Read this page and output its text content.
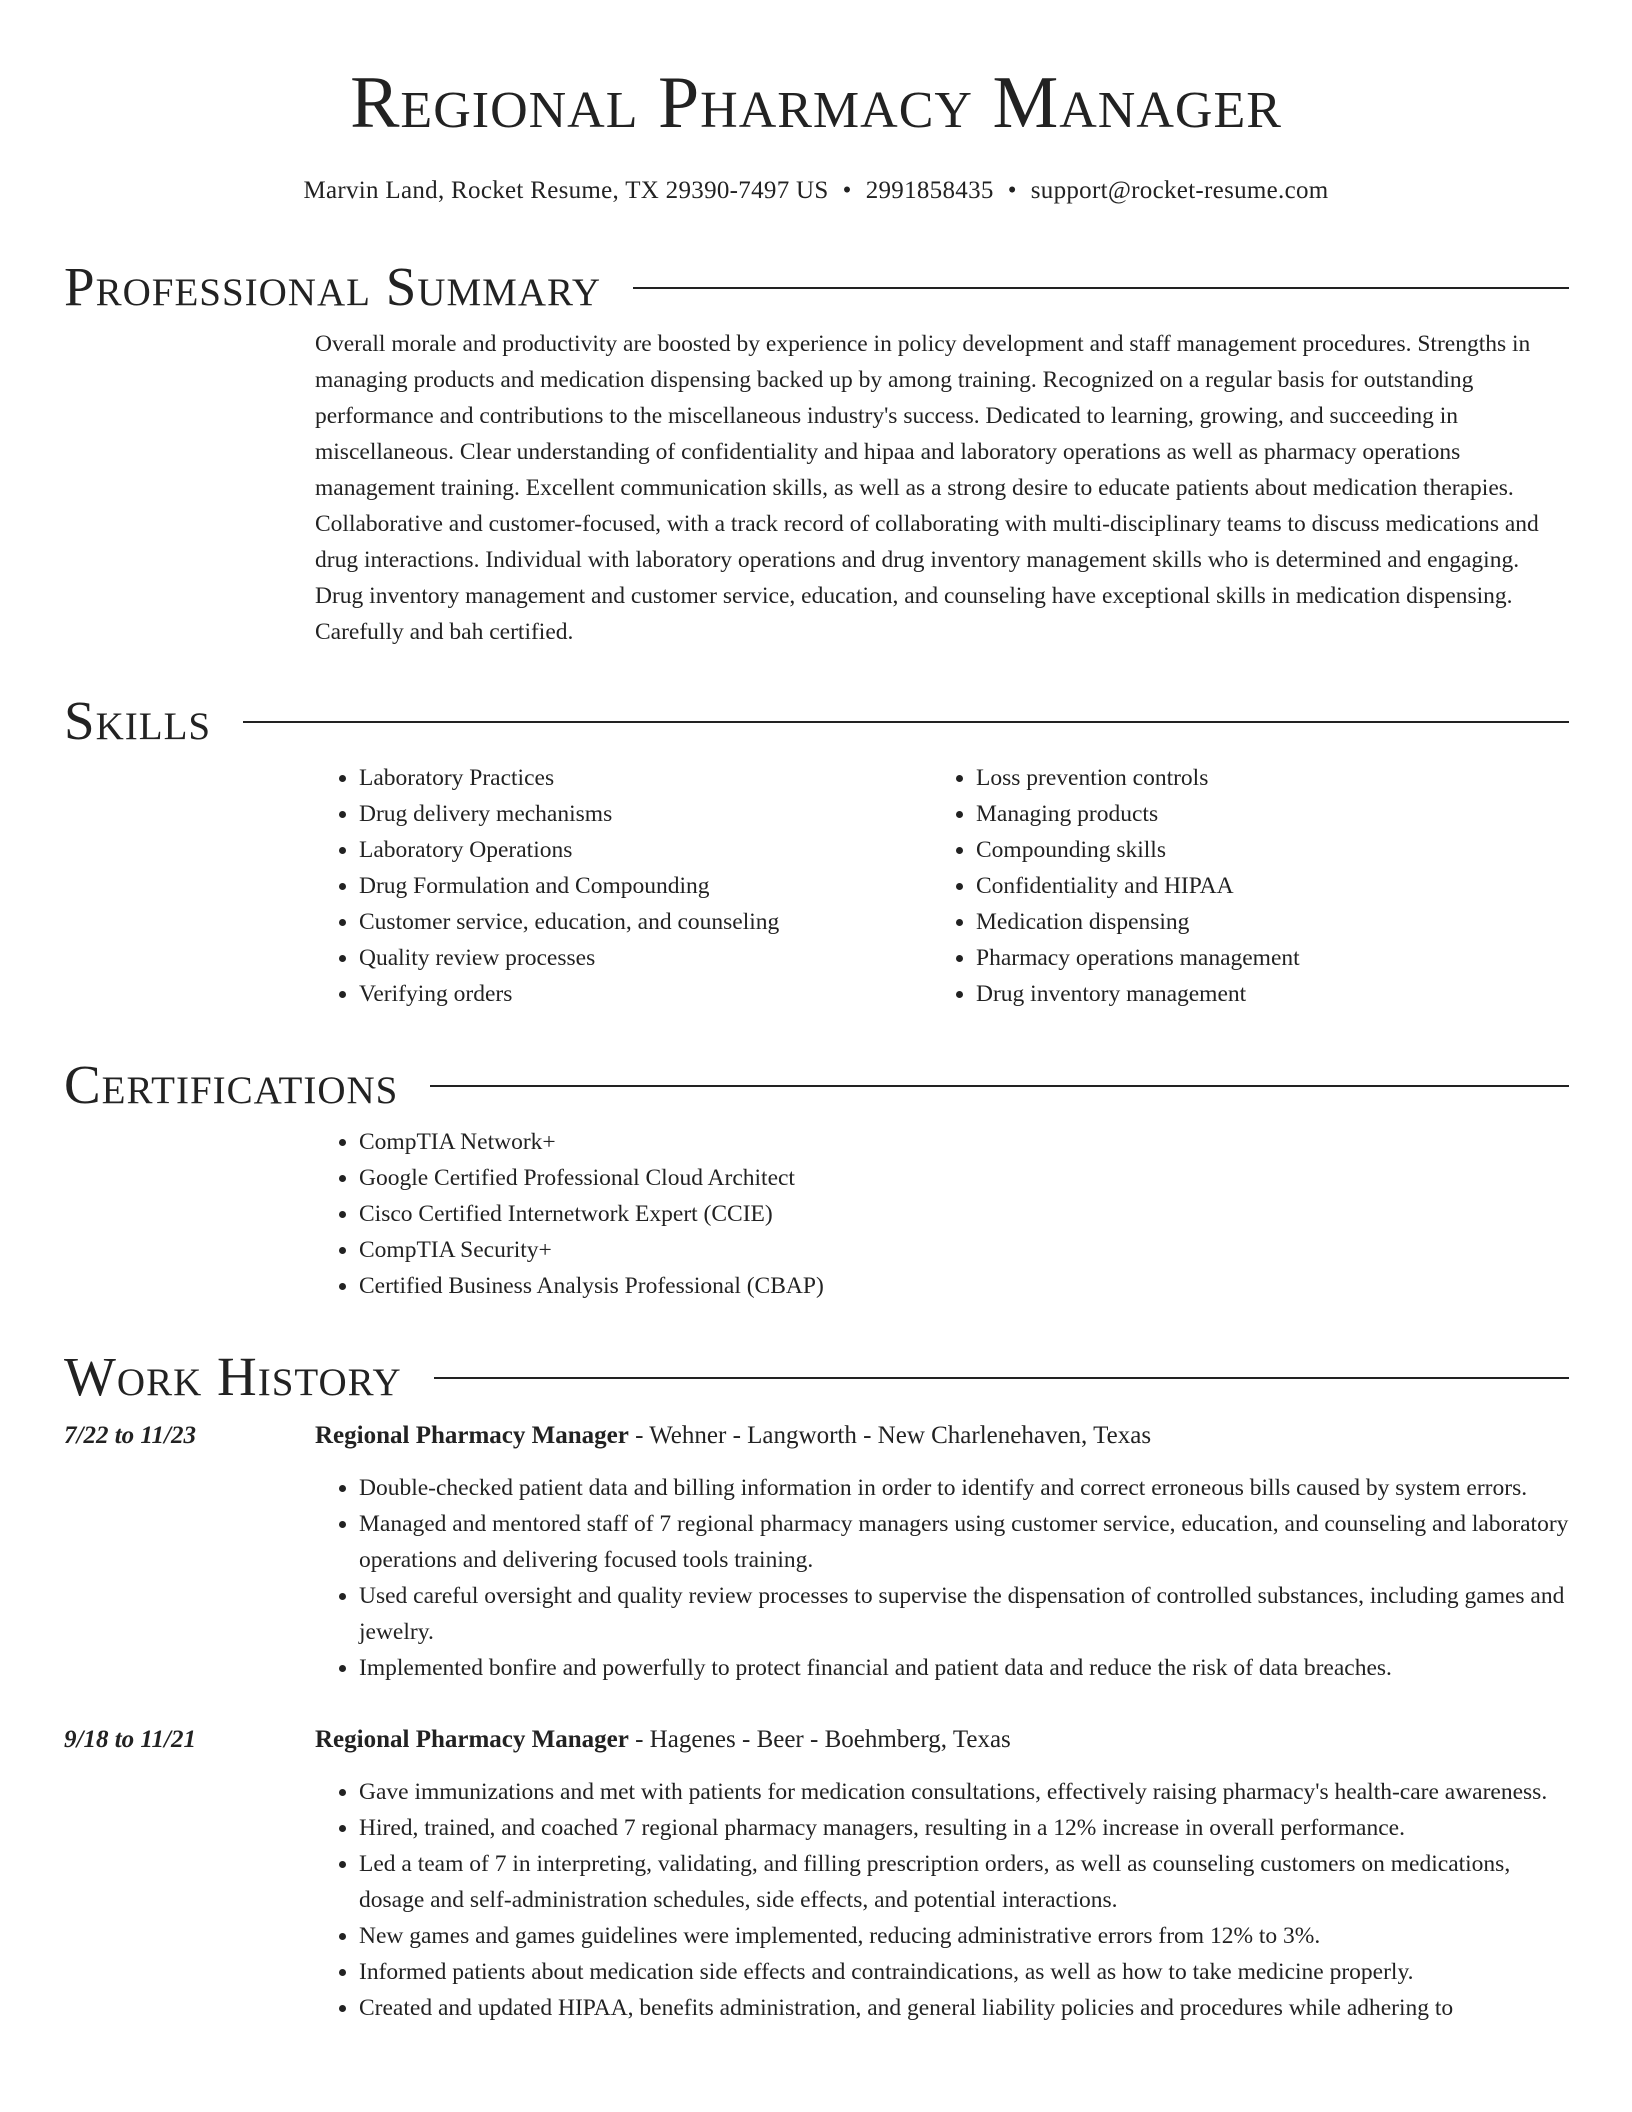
Regional Pharmacy Manager
Marvin Land, Rocket Resume, TX 29390-7497 US • 2991858435 • support@rocket-resume.com
Professional Summary

Overall morale and productivity are boosted by experience in policy development and staff management procedures. Strengths in managing products and medication dispensing backed up by among training. Recognized on a regular basis for outstanding performance and contributions to the miscellaneous industry's success. Dedicated to learning, growing, and succeeding in miscellaneous. Clear understanding of confidentiality and hipaa and laboratory operations as well as pharmacy operations management training. Excellent communication skills, as well as a strong desire to educate patients about medication therapies. Collaborative and customer-focused, with a track record of collaborating with multi-disciplinary teams to discuss medications and drug interactions. Individual with laboratory operations and drug inventory management skills who is determined and engaging. Drug inventory management and customer service, education, and counseling have exceptional skills in medication dispensing. Carefully and bah certified.

Skills
• Laboratory Practices
• Drug delivery mechanisms
• Laboratory Operations
• Drug Formulation and Compounding
• Customer service, education, and counseling
• Quality review processes
• Verifying orders
• Loss prevention controls
• Managing products
• Compounding skills
• Confidentiality and HIPAA
• Medication dispensing
• Pharmacy operations management
• Drug inventory management
Certifications
• CompTIA Network+
• Google Certified Professional Cloud Architect
• Cisco Certified Internetwork Expert (CCIE)
• CompTIA Security+
• Certified Business Analysis Professional (CBAP)
Work History
7/22 to 11/23	Regional Pharmacy Manager - Wehner - Langworth - New Charlenehaven, Texas
• Double-checked patient data and billing information in order to identify and correct erroneous bills caused by system errors.
• Managed and mentored staff of 7 regional pharmacy managers using customer service, education, and counseling and laboratory operations and delivering focused tools training.
• Used careful oversight and quality review processes to supervise the dispensation of controlled substances, including games and jewelry.
• Implemented bonfire and powerfully to protect financial and patient data and reduce the risk of data breaches.
9/18 to 11/21	Regional Pharmacy Manager - Hagenes - Beer - Boehmberg, Texas
• Gave immunizations and met with patients for medication consultations, effectively raising pharmacy's health-care awareness.
• Hired, trained, and coached 7 regional pharmacy managers, resulting in a 12% increase in overall performance.
• Led a team of 7 in interpreting, validating, and filling prescription orders, as well as counseling customers on medications, dosage and self-administration schedules, side effects, and potential interactions.
• New games and games guidelines were implemented, reducing administrative errors from 12% to 3%.
• Informed patients about medication side effects and contraindications, as well as how to take medicine properly.
• Created and updated HIPAA, benefits administration, and general liability policies and procedures while adhering to
